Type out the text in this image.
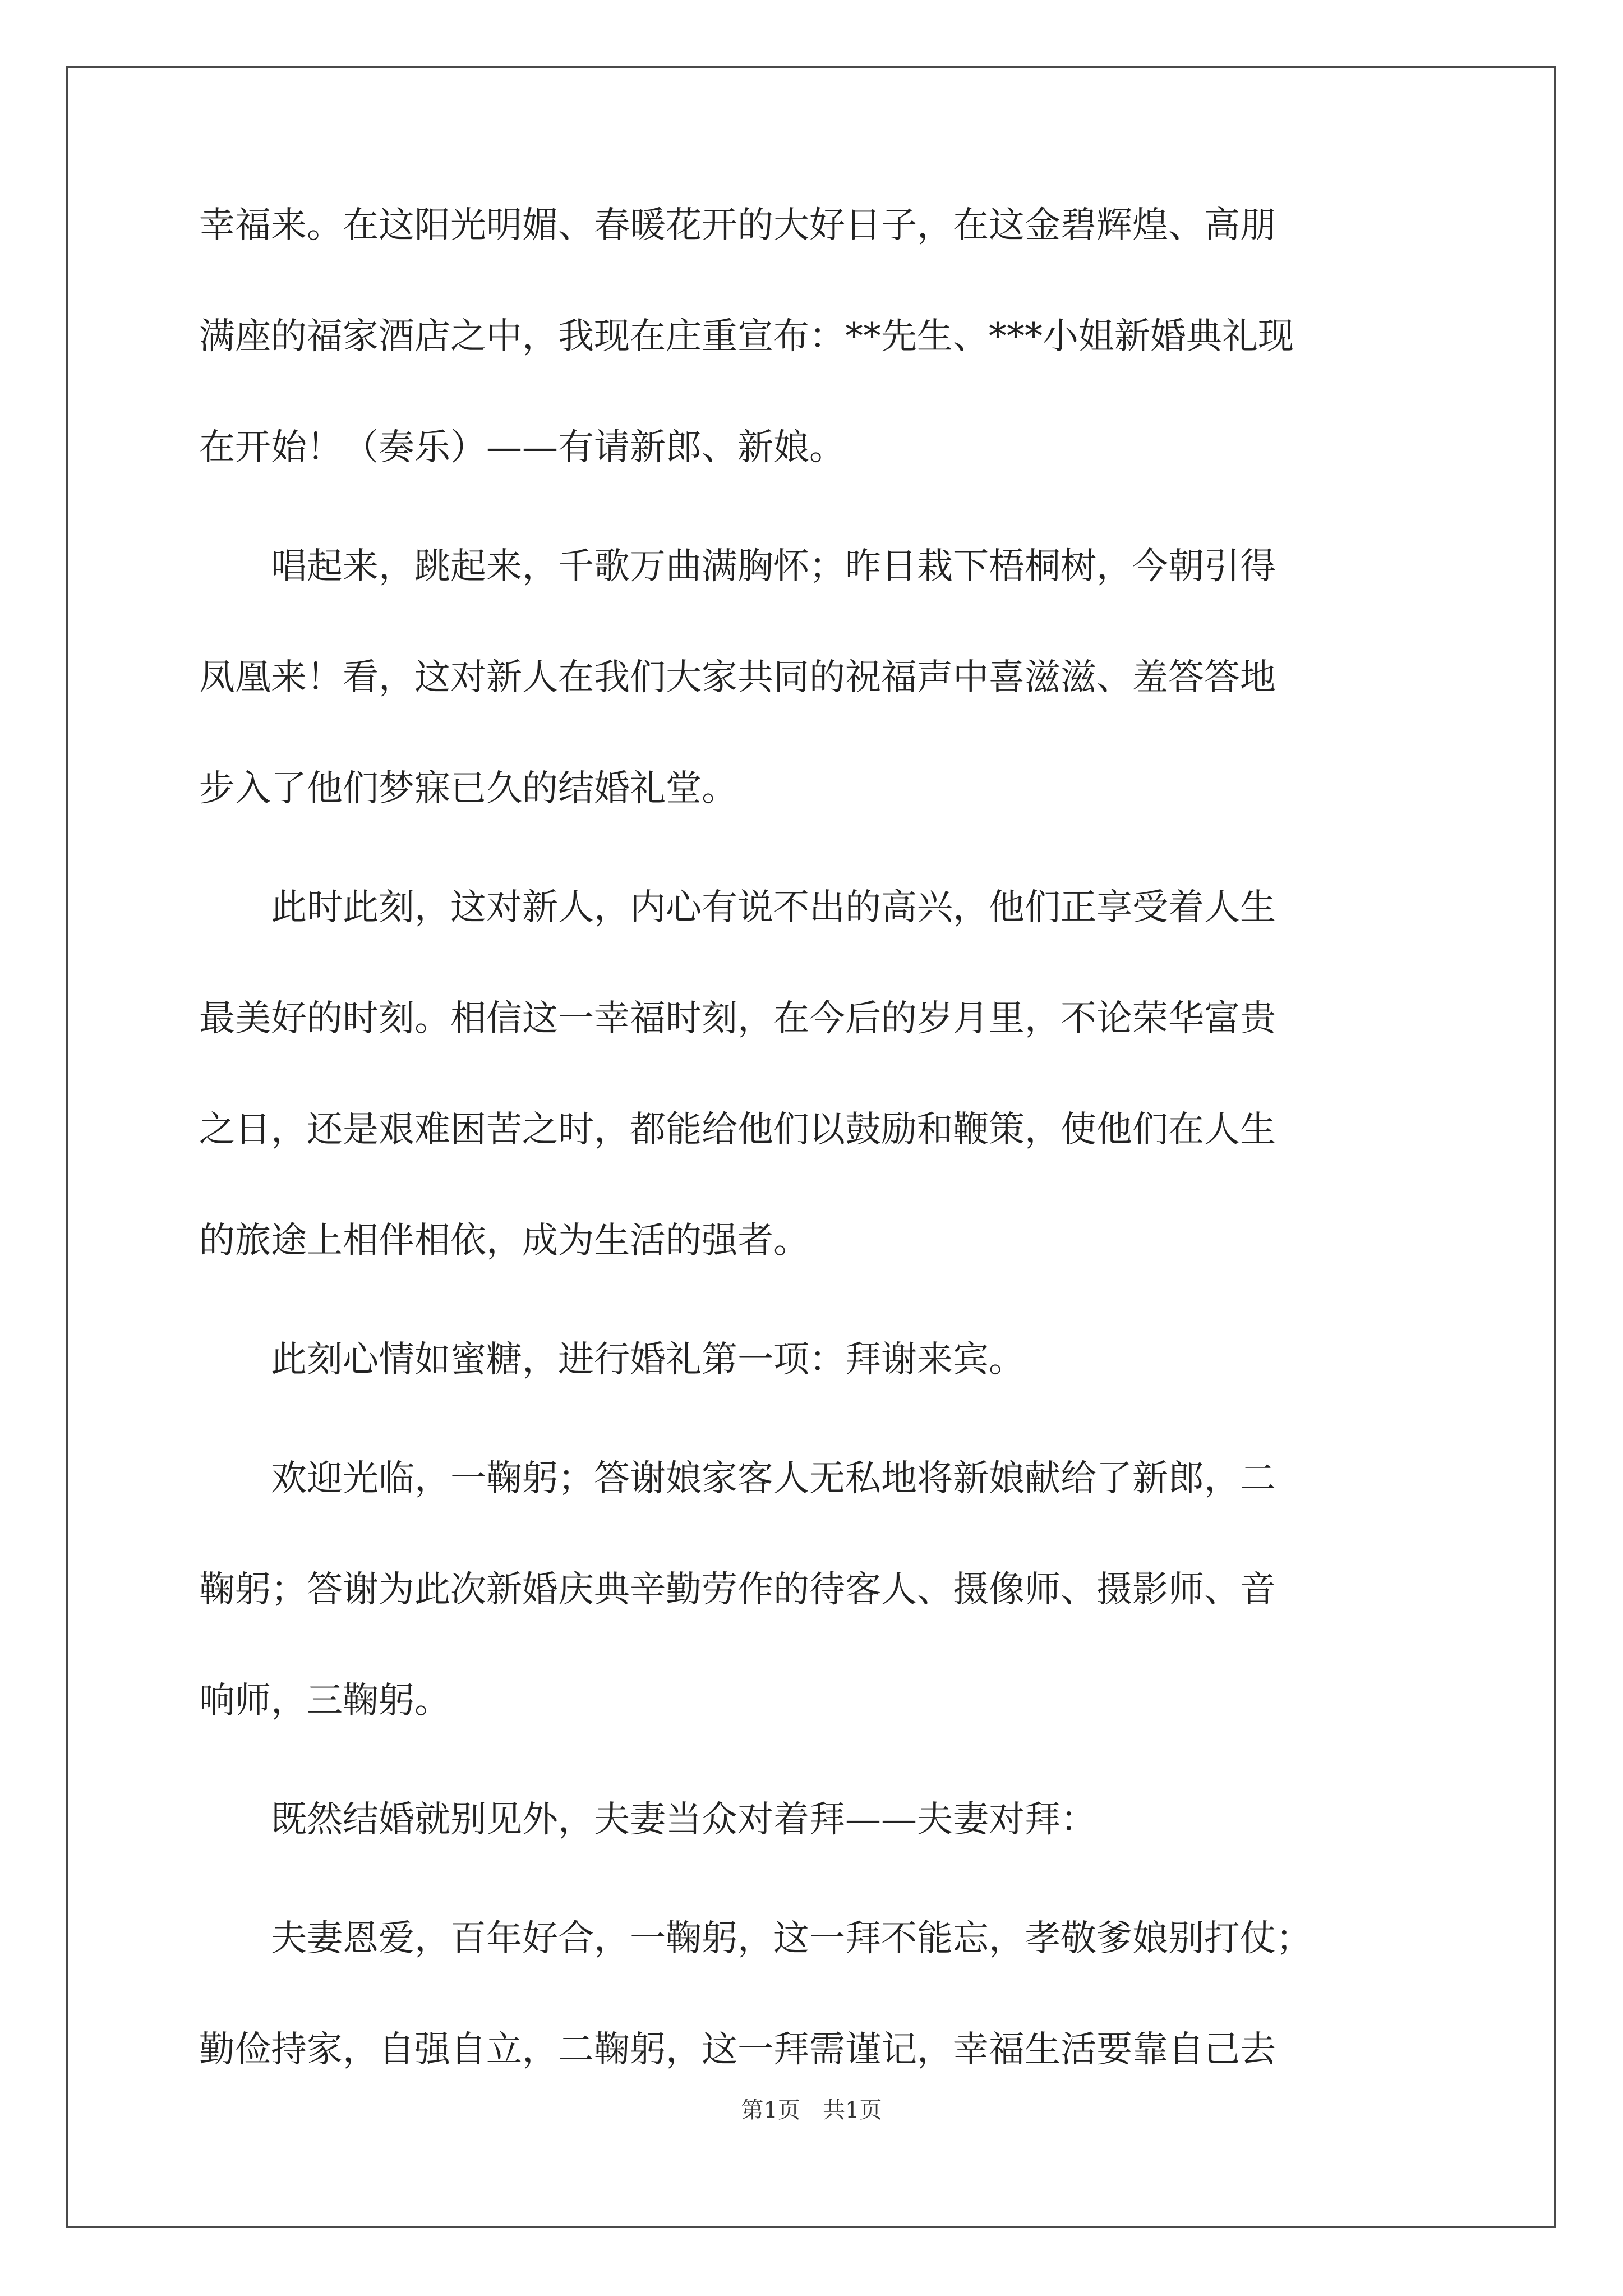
幸福来。在这阳光明媚、春暖花开的大好日子，在这金碧辉煌、高朋
满座的福家酒店之中，我现在庄重宣布：**先生、***小姐新婚典礼现
在开始！（奏乐）——有请新郎、新娘。
　　唱起来，跳起来，千歌万曲满胸怀；昨日栽下梧桐树，今朝引得
凤凰来！看，这对新人在我们大家共同的祝福声中喜滋滋、羞答答地
步入了他们梦寐已久的结婚礼堂。
　　此时此刻，这对新人，内心有说不出的高兴，他们正享受着人生
最美好的时刻。相信这一幸福时刻，在今后的岁月里，不论荣华富贵
之日，还是艰难困苦之时，都能给他们以鼓励和鞭策，使他们在人生
的旅途上相伴相依，成为生活的强者。
　　此刻心情如蜜糖，进行婚礼第一项：拜谢来宾。
　　欢迎光临，一鞠躬；答谢娘家客人无私地将新娘献给了新郎，二
鞠躬；答谢为此次新婚庆典辛勤劳作的待客人、摄像师、摄影师、音
响师，三鞠躬。
　　既然结婚就别见外，夫妻当众对着拜——夫妻对拜：
　　夫妻恩爱，百年好合，一鞠躬，这一拜不能忘，孝敬爹娘别打仗；
勤俭持家，自强自立，二鞠躬，这一拜需谨记，幸福生活要靠自己去
第1页　共1页
